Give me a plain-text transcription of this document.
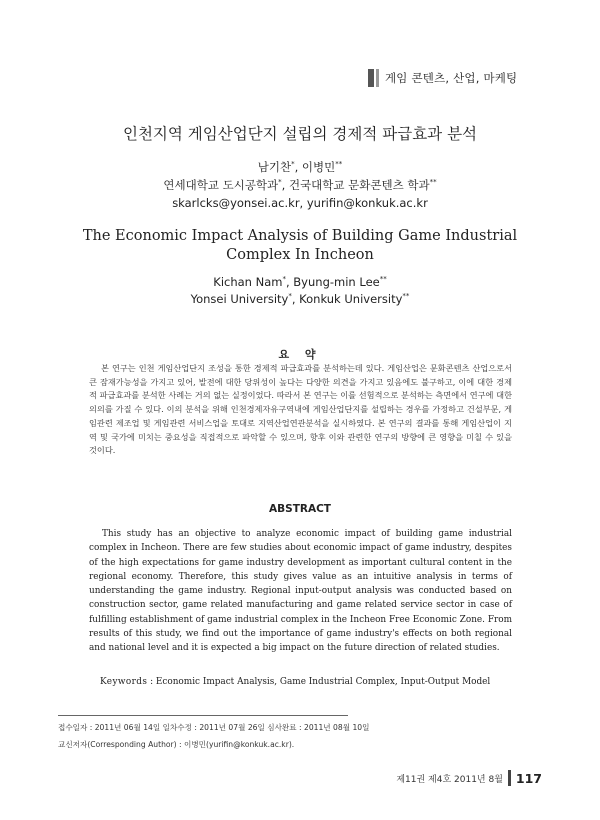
게임 콘텐츠, 산업, 마케팅
인천지역 게임산업단지 설립의 경제적 파급효과 분석
남기찬*, 이병민**
연세대학교 도시공학과*, 건국대학교 문화콘텐츠 학과**
skarlcks@yonsei.ac.kr, yurifin@konkuk.ac.kr
The Economic Impact Analysis of Building Game Industrial Complex In Incheon
Kichan Nam*, Byung-min Lee**
Yonsei University*, Konkuk University**
요 약
본 연구는 인천 게임산업단지 조성을 통한 경제적 파급효과를 분석하는데 있다. 게임산업은 문화콘텐츠 산업으로서 큰 잠재가능성을 가지고 있어, 발전에 대한 당위성이 높다는 다양한 의견을 가지고 있음에도 불구하고, 이에 대한 경제적 파급효과를 분석한 사례는 거의 없는 실정이었다. 따라서 본 연구는 이를 선험적으로 분석하는 측면에서 연구에 대한 의의를 가질 수 있다. 이의 분석을 위해 인천경제자유구역내에 게임산업단지를 설립하는 경우를 가정하고 건설부문, 게임관련 제조업 및 게임관련 서비스업을 토대로 지역산업연관분석을 실시하였다. 본 연구의 결과를 통해 게임산업이 지역 및 국가에 미치는 중요성을 직접적으로 파악할 수 있으며, 향후 이와 관련한 연구의 방향에 큰 영향을 미칠 수 있을 것이다.
ABSTRACT
This study has an objective to analyze economic impact of building game industrial complex in Incheon. There are few studies about economic impact of game industry, despites of the high expectations for game industry development as important cultural content in the regional economy. Therefore, this study gives value as an intuitive analysis in terms of understanding the game industry. Regional input-output analysis was conducted based on construction sector, game related manufacturing and game related service sector in case of fulfilling establishment of game industrial complex in the Incheon Free Economic Zone. From results of this study, we find out the importance of game industry's effects on both regional and national level and it is expected a big impact on the future direction of related studies.
Keywords : Economic Impact Analysis, Game Industrial Complex, Input-Output Model
접수일자 : 2011년 06월 14일 일차수정 : 2011년 07월 26일 심사완료 : 2011년 08월 10일
교신저자(Corresponding Author) : 이병민(yurifin@konkuk.ac.kr).
제11권 제4호 2011년 8월 117
